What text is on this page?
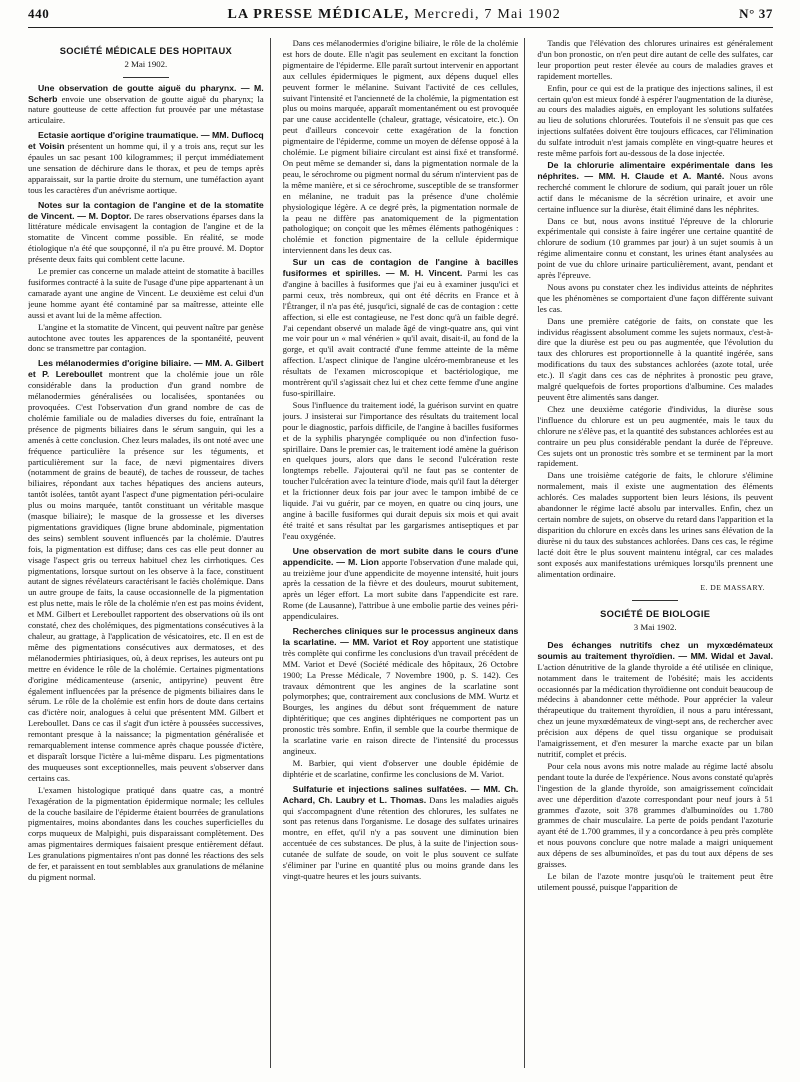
440	LA PRESSE MÉDICALE, Mercredi, 7 Mai 1902	N° 37
SOCIÉTÉ MÉDICALE DES HOPITAUX
2 Mai 1902.

Une observation de goutte aiguë du pharynx. — M. Scherb envoie une observation de goutte aiguë du pharynx; la nature goutteuse de cette affection fut prouvée par une métastase articulaire.

Ectasie aortique d'origine traumatique. — MM. Duflocq et Voisin présentent un homme qui, il y a trois ans, reçut sur les épaules un sac pesant 100 kilogrammes; il perçut immédiatement une sensation de déchirure dans le thorax, et peu de temps après apparaissait, sur la partie droite du sternum, une tuméfaction ayant tous les caractères d'un anévrisme aortique.

Notes sur la contagion de l'angine et de la stomatite de Vincent. — M. Doptor. De rares observations éparses dans la littérature médicale envisagent la contagion de l'angine et de la stomatite de Vincent comme possible. En réalité, se mode étiologique n'a été que soupçonné, il n'a pu être prouvé. M. Doptor présente deux faits qui comblent cette lacune.

Le premier cas concerne un malade atteint de stomatite à bacilles fusiformes contracté à la suite de l'usage d'une pipe appartenant à un camarade ayant une angine de Vincent. Le deuxième est celui d'un jeune homme ayant été contaminé par sa maîtresse, atteinte elle aussi et avant lui de la même affection.

L'angine et la stomatite de Vincent, qui peuvent naître par genèse autochtone avec toutes les apparences de la spontanéité, peuvent donc se transmettre par contagion.

Les mélanodermies d'origine biliaire. — MM. A. Gilbert et P. Lereboullet montrent que la cholémie joue un rôle considérable dans la production d'un grand nombre de mélanodermies généralisées ou localisées, spontanées ou provoquées. C'est l'observation d'un grand nombre de cas de cholémie familiale ou de maladies diverses du foie, entraînant la présence de pigments biliaires dans le sérum sanguin, qui les a amenés à cette conclusion. Chez leurs malades, ils ont noté avec une fréquence particulière la présence sur les téguments, et particulièrement sur la face, de nævi pigmentaires divers (notamment de grains de beauté), de taches de rousseur, de taches biliaires, répondant aux taches hépatiques des anciens auteurs, tantôt isolées, tantôt ayant l'aspect d'une pigmentation péri-oculaire plus ou moins marquée, tantôt constituant un véritable masque (masque biliaire); le masque de la grossesse et les diverses pigmentations gravidiques (ligne brune abdominale, pigmentation des seins) semblent souvent influencés par la cholémie. D'autres fois, la pigmentation est diffuse; dans ces cas elle peut donner au visage l'aspect gris ou terreux habituel chez les cirrhotiques. Ces pigmentations, lorsque surtout on les observe à la face, constituent autant de signes révélateurs caractérisant le faciès cholémique. Dans un autre groupe de faits, la cause occasionnelle de la pigmentation est plus nette, mais le rôle de la cholémie n'en est pas moins évident, et MM. Gilbert et Lereboullet rapportent des observations où ils ont constaté, chez des cholémiques, des pigmentations consécutives à la chaleur, au grattage, à l'application de vésicatoires, etc. Il en est de même des pigmentations consécutives aux dermatoses, et des mélanodermies phtiriasiques, où, à deux reprises, les auteurs ont pu mettre en évidence le rôle de la cholémie. Certaines pigmentations d'origine médicamenteuse (arsenic, antipyrine) peuvent être également influencées par la présence de pigments biliaires dans le sérum. Le rôle de la cholémie est enfin hors de doute dans certains cas d'ictère noir, analogues à celui que présentent MM. Gilbert et Lereboullet. Dans ce cas il s'agit d'un ictère à poussées successives, remontant presque à la naissance; la pigmentation généralisée et remarquablement intense commence après chaque poussée d'ictère, et disparaît lorsque l'ictère a lui-même disparu. Les pigmentations des muqueuses sont exceptionnelles, mais peuvent s'observer dans certains cas.

L'examen histologique pratiqué dans quatre cas, a montré l'exagération de la pigmentation épidermique normale; les cellules de la couche basilaire de l'épiderme étaient bourrées de granulations pigmentaires, moins abondantes dans les couches superficielles du corps muqueux de Malpighi, puis disparaissant complètement. Des amas pigmentaires dermiques faisaient presque entièrement défaut. Les granulations pigmentaires n'ont pas donné les réactions des sels de fer, et paraissent en tout semblables aux granulations de mélanine du pigment normal.

Dans ces mélanodermies d'origine biliaire, le rôle de la cholémie est hors de doute. Elle n'agit pas seulement en excitant la fonction pigmentaire de l'épiderme. Elle paraît surtout intervenir en apportant aux cellules épidermiques le pigment, aux dépens duquel elles peuvent former le mélanine. Suivant l'activité de ces cellules, suivant l'intensité et l'ancienneté de la cholémie, la pigmentation est plus ou moins marquée, apparaît momentanément ou est provoquée par une cause accidentelle (chaleur, grattage, vésicatoire, etc.). On peut d'ailleurs concevoir cette exagération de la fonction pigmentaire de l'épiderme, comme un moyen de défense opposé à la cholémie. Le pigment biliaire circulant est ainsi fixé et transformé. On peut même se demander si, dans la pigmentation normale de la peau, le sérochrome ou pigment normal du sérum n'intervient pas de la même manière, et si ce sérochrome, susceptible de se transformer en mélanine, ne traduit pas la présence d'une cholémie physiologique légère. A ce degré près, la pigmentation normale de la peau ne diffère pas anatomiquement de la pigmentation pathologique; on conçoit que les mêmes éléments pathogéniques : cholémie et fonction pigmentaire de la cellule épidermique interviennent dans les deux cas.

Sur un cas de contagion de l'angine à bacilles fusiformes et spirilles. — M. H. Vincent. Parmi les cas d'angine à bacilles à fusiformes que j'ai eu à examiner jusqu'ici et parmi ceux, très nombreux, qui ont été décrits en France et à l'Étranger, il n'a pas été, jusqu'ici, signalé de cas de contagion : cette affection, si elle est contagieuse, ne l'est donc qu'à un faible degré. J'ai cependant observé un malade âgé de vingt-quatre ans, qui vint me voir pour un « mal vénérien » qu'il avait, disait-il, au fond de la gorge, et qu'il avait contracté d'une femme atteinte de la même affection. L'aspect clinique de l'angine ulcéro-membraneuse et les résultats de l'examen microscopique et bactériologique, me montrèrent qu'il s'agissait chez lui et chez cette femme d'une angine fuso-spirillaire.

Sous l'influence du traitement iodé, la guérison survint en quatre jours. J insisterai sur l'importance des résultats du traitement local pour le diagnostic, parfois difficile, de l'angine à bacilles fusiformes et de la syphilis pharyngée compliquée ou non d'infection fuso-spirillaire. Dans le premier cas, le traitement iodé amène la guérison en quelques jours, alors que dans le second l'ulcération reste longtemps rebelle. J'ajouterai qu'il ne faut pas se contenter de toucher l'ulcération avec la teinture d'iode, mais qu'il faut la déterger et la frictionner deux fois par jour avec le tampon imbibé de ce liquide. J'ai vu guérir, par ce moyen, en quatre ou cinq jours, une angine à bacille fusiformes qui durait depuis six mois et qui avait été traité et sans résultat par les gargarismes antiseptiques et par l'eau oxygénée.

Une observation de mort subite dans le cours d'une appendicite. — M. Lion apporte l'observation d'une malade qui, au treizième jour d'une appendicite de moyenne intensité, huit jours après la cessation de la fièvre et des douleurs, mourut subitement, après un léger effort. La mort subite dans l'appendicite est rare. Rome (de Lausanne), l'attribue à une embolie partie des veines péri-appendiculaires.

Recherches cliniques sur le processus angineux dans la scarlatine. — MM. Variot et Roy apportent une statistique très complète qui confirme les conclusions d'un travail précédent de MM. Variot et Devé (Société médicale des hôpitaux, 26 Octobre 1900; La Presse Médicale, 7 Novembre 1900, p. S. 142). Ces travaux démontrent que les angines de la scarlatine sont polymorphes; que, contrairement aux conclusions de MM. Wurtz et Bourges, les angines du début sont fréquemment de nature diphtéritique; que ces angines diphtériques ne comportent pas un pronostic très sombre. Enfin, il semble que la courbe thermique de la scarlatine varie en raison directe de l'intensité du processus angineux.

M. Barbier, qui vient d'observer une double épidémie de diphtérie et de scarlatine, confirme les conclusions de M. Variot.

Sulfaturie et injections salines sulfatées. — MM. Ch. Achard, Ch. Laubry et L. Thomas. Dans les maladies aiguës qui s'accompagnent d'une rétention des chlorures, les sulfates ne sont pas retenus dans l'organisme. Le dosage des sulfates urinaires montre, en effet, qu'il n'y a pas souvent une diminution bien accentuée de ces substances. De plus, à la suite de l'injection sous-cutanée de sulfate de soude, on voit le plus souvent ce sulfate s'éliminer par l'urine en quantité plus ou moins grande dans les vingt-quatre heures et les jours suivants.

Tandis que l'élévation des chlorures urinaires est généralement d'un bon pronostic, on n'en peut dire autant de celle des sulfates, car leur proportion peut rester élevée au cours de maladies graves et rapidement mortelles.

Enfin, pour ce qui est de la pratique des injections salines, il est certain qu'on est mieux fondé à espérer l'augmentation de la diurèse, au cours des maladies aiguës, en employant les solutions sulfatées au lieu de solutions chlorurées. Toutefois il ne s'ensuit pas que ces injections sulfatées doivent être toujours efficaces, car l'élimination du sulfate introduit n'est jamais complète en vingt-quatre heures et reste même parfois fort au-dessous de la dose injectée.

De la chlorurie alimentaire expérimentale dans les néphrites. — MM. H. Claude et A. Manté. Nous avons recherché comment le chlorure de sodium, qui paraît jouer un rôle actif dans le mécanisme de la sécrétion urinaire, et avoir une certaine influence sur la diurèse, était éliminé dans les néphrites.

Dans ce but, nous avons institué l'épreuve de la chlorurie expérimentale qui consiste à faire ingérer une certaine quantité de chlorure de sodium (10 grammes par jour) à un sujet soumis à un régime alimentaire connu et constant, les urines étant analysées au point de vue du chlore urinaire particulièrement, avant, pendant et après l'épreuve.

Nous avons pu constater chez les individus atteints de néphrites que les phénomènes se comportaient d'une façon différente suivant les cas.

Dans une première catégorie de faits, on constate que les individus réagissent absolument comme les sujets normaux, c'est-à-dire que la diurèse est peu ou pas augmentée, que l'évolution du taux des chlorures est proportionnelle à la quantité ingérée, sans modifications du taux des substances achlorées (azote total, urée etc.). Il s'agit dans ces cas de néphrites à pronostic peu grave, malgré quelquefois de fortes proportions d'albumine. Ces malades peuvent être alimentés sans danger.

Chez une deuxième catégorie d'individus, la diurèse sous l'influence du chlorure est un peu augmentée, mais le taux du chlorure ne s'élève pas, et la quantité des substances achlorées est au contraire un peu plus considérable pendant la durée de l'épreuve. Ces sujets ont un pronostic très sombre et se terminent par la mort rapidement.

Dans une troisième catégorie de faits, le chlorure s'élimine normalement, mais il existe une augmentation des éléments achlorés. Ces malades supportent bien leurs lésions, ils peuvent abandonner le régime lacté absolu par intervalles. Enfin, chez un certain nombre de sujets, on observe du retard dans l'apparition et la disparition du chlorure en excès dans les urines sans élévation de la diurèse ni du taux des substances achlorées. Dans ces cas, le régime lacté doit être le plus souvent maintenu intégral, car ces malades sont exposés aux manifestations urémiques lorsqu'ils prennent une alimentation ordinaire.

E. DE MASSARY.
SOCIÉTÉ DE BIOLOGIE
3 Mai 1902.

Des échanges nutritifs chez un myxœdémateux soumis au traitement thyroïdien. — MM. Widal et Javal. L'action dénutritive de la glande thyroïde a été utilisée en clinique, notamment dans le traitement de l'obésité; mais les accidents occasionnés par la médication thyroïdienne ont conduit beaucoup de médecins à abandonner cette méthode. Pour apprécier la valeur thérapeutique du traitement thyroïdien, il nous a paru intéressant, chez un jeune myxœdémateux de vingt-sept ans, de rechercher avec précision aux dépens de quel tissu organique se produisait l'amaigrissement, et d'en mesurer la marche exacte par un bilan nutritif, complet et précis.

Pour cela nous avons mis notre malade au régime lacté absolu pendant toute la durée de l'expérience. Nous avons constaté qu'après l'ingestion de la glande thyroïde, son amaigrissement coïncidait avec une déperdition d'azote correspondant pour neuf jours à 51 grammes d'azote, soit 378 grammes d'albuminoïdes ou 1.780 grammes de chair musculaire. La perte de poids pendant l'azoturie ayant été de 1.700 grammes, il y a concordance à peu près complète et nous pouvons conclure que notre malade a maigri uniquement aux dépens de ses albuminoïdes, et pas du tout aux dépens de ses graisses.

Le bilan de l'azote montre jusqu'où le traitement peut être utilement poussé, puisque l'apparition de
